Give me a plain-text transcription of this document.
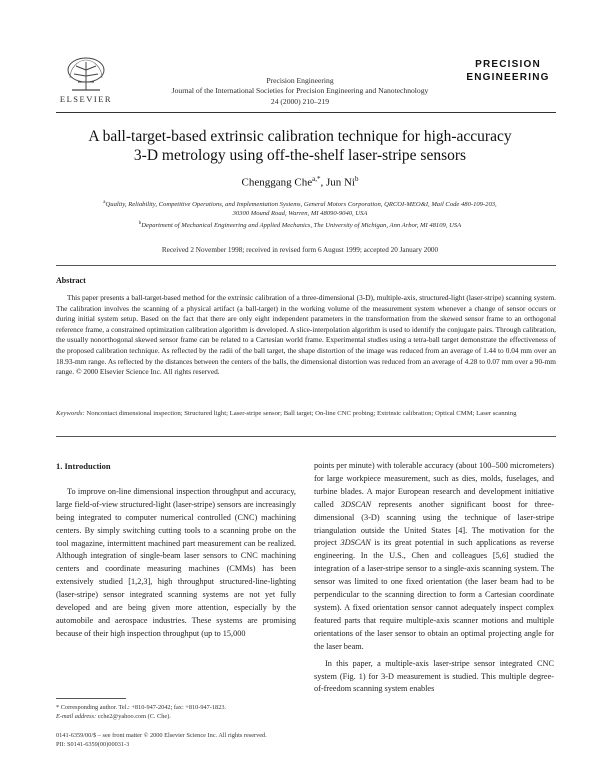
ELSEVIER
Precision Engineering
Journal of the International Societies for Precision Engineering and Nanotechnology
24 (2000) 210–219
PRECISION
ENGINEERING
A ball-target-based extrinsic calibration technique for high-accuracy
3-D metrology using off-the-shelf laser-stripe sensors
Chenggang Che$^{a,*}$, Jun Ni$^b$
$^a$Quality, Reliability, Competitive Operations, and Implementation Systems, General Motors Corporation, QRCOI-MEO&I, Mail Code 480-109-203,
30300 Mound Road, Warren, MI 48090-9040, USA
$^b$Department of Mechanical Engineering and Applied Mechanics, The University of Michigan, Ann Arbor, MI 48109, USA
Received 2 November 1998; received in revised form 6 August 1999; accepted 20 January 2000
Abstract
This paper presents a ball-target-based method for the extrinsic calibration of a three-dimensional (3-D), multiple-axis, structured-light (laser-stripe) scanning system. The calibration involves the scanning of a physical artifact (a ball-target) in the working volume of the measurement system whenever a change of sensor occurs or during initial system setup. Based on the fact that there are only eight independent parameters in the transformation from the skewed sensor frame to an orthogonal reference frame, a constrained optimization calibration algorithm is developed. A slice-interpolation algorithm is used to identify the conjugate pairs. Through calibration, the usually nonorthogonal skewed sensor frame can be related to a Cartesian world frame. Experimental studies using a tetra-ball target demonstrate the effectiveness of the proposed calibration technique. As reflected by the radii of the ball target, the shape distortion of the image was reduced from an average of 1.44 to 0.04 mm over an 18.93-mm range. As reflected by the distances between the centers of the balls, the dimensional distortion was reduced from an average of 4.28 to 0.07 mm over a 90-mm range. © 2000 Elsevier Science Inc. All rights reserved.
Keywords: Noncontact dimensional inspection; Structured light; Laser-stripe sensor; Ball target; On-line CNC probing; Extrinsic calibration; Optical CMM; Laser scanning
1. Introduction

To improve on-line dimensional inspection throughput and accuracy, large field-of-view structured-light (laser-stripe) sensors are increasingly being integrated to computer numerical controlled (CNC) machining centers. By simply switching cutting tools to a scanning probe on the tool magazine, intermittent machined part measurement can be realized. Although integration of single-beam laser sensors to CNC machining centers and coordinate measuring machines (CMMs) has been extensively studied [1,2,3], high throughput structured-line-lighting (laser-stripe) sensor integrated scanning systems are not yet fully developed and are being given more attention, especially by the automobile and aerospace industries. These systems are promising because of their high inspection throughput (up to 15,000

points per minute) with tolerable accuracy (about 100–500 micrometers) for large workpiece measurement, such as dies, molds, fuselages, and turbine blades. A major European research and development initiative called 3DSCAN represents another significant boost for three-dimensional (3-D) scanning using the technique of laser-stripe triangulation outside the United States [4]. The motivation for the project 3DSCAN is its great potential in such applications as reverse engineering. In the U.S., Chen and colleagues [5,6] studied the integration of a laser-stripe sensor to a single-axis scanning system. The sensor was limited to one fixed orientation (the laser beam had to be perpendicular to the scanning direction to form a Cartesian coordinate system). A fixed orientation sensor cannot adequately inspect complex featured parts that require multiple-axis scanner motions and multiple orientations of the laser sensor to obtain an optimal projecting angle for the laser beam.

In this paper, a multiple-axis laser-stripe sensor integrated CNC system (Fig. 1) for 3-D measurement is studied. This multiple degree-of-freedom scanning system enables

* Corresponding author. Tel.: +810-947-2042; fax: +810-947-1823.
E-mail address: cche2@yahoo.com (C. Che).
0141-6359/00/$ – see front matter © 2000 Elsevier Science Inc. All rights reserved.
PII: S0141-6359(00)00031-3
